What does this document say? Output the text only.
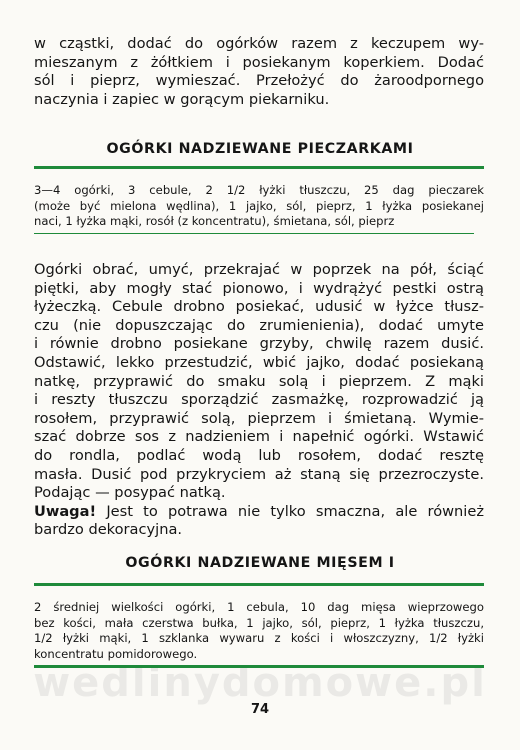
wedlinydomowe.pl
w cząstki, dodać do ogórków razem z keczupem wy-
mieszanym z żółtkiem i posiekanym koperkiem. Dodać
sól i pieprz, wymieszać. Przełożyć do żaroodpornego
naczynia i zapiec w gorącym piekarniku.
OGÓRKI NADZIEWANE PIECZARKAMI
3—4 ogórki, 3 cebule, 2 1/2 łyżki tłuszczu, 25 dag pieczarek
(może być mielona wędlina), 1 jajko, sól, pieprz, 1 łyżka posiekanej
naci, 1 łyżka mąki, rosół (z koncentratu), śmietana, sól, pieprz
Ogórki obrać, umyć, przekrajać w poprzek na pół, ściąć
piętki, aby mogły stać pionowo, i wydrążyć pestki ostrą
łyżeczką. Cebule drobno posiekać, udusić w łyżce tłusz-
czu (nie dopuszczając do zrumienienia), dodać umyte
i równie drobno posiekane grzyby, chwilę razem dusić.
Odstawić, lekko przestudzić, wbić jajko, dodać posiekaną
natkę, przyprawić do smaku solą i pieprzem. Z mąki
i reszty tłuszczu sporządzić zasmażkę, rozprowadzić ją
rosołem, przyprawić solą, pieprzem i śmietaną. Wymie-
szać dobrze sos z nadzieniem i napełnić ogórki. Wstawić
do rondla, podlać wodą lub rosołem, dodać resztę
masła. Dusić pod przykryciem aż staną się przezroczyste.
Podając — posypać natką.
Uwaga! Jest to potrawa nie tylko smaczna, ale również
bardzo dekoracyjna.
OGÓRKI NADZIEWANE MIĘSEM I
2 średniej wielkości ogórki, 1 cebula, 10 dag mięsa wieprzowego
bez kości, mała czerstwa bułka, 1 jajko, sól, pieprz, 1 łyżka tłuszczu,
1/2 łyżki mąki, 1 szklanka wywaru z kości i włoszczyzny, 1/2 łyżki
koncentratu pomidorowego.
74
